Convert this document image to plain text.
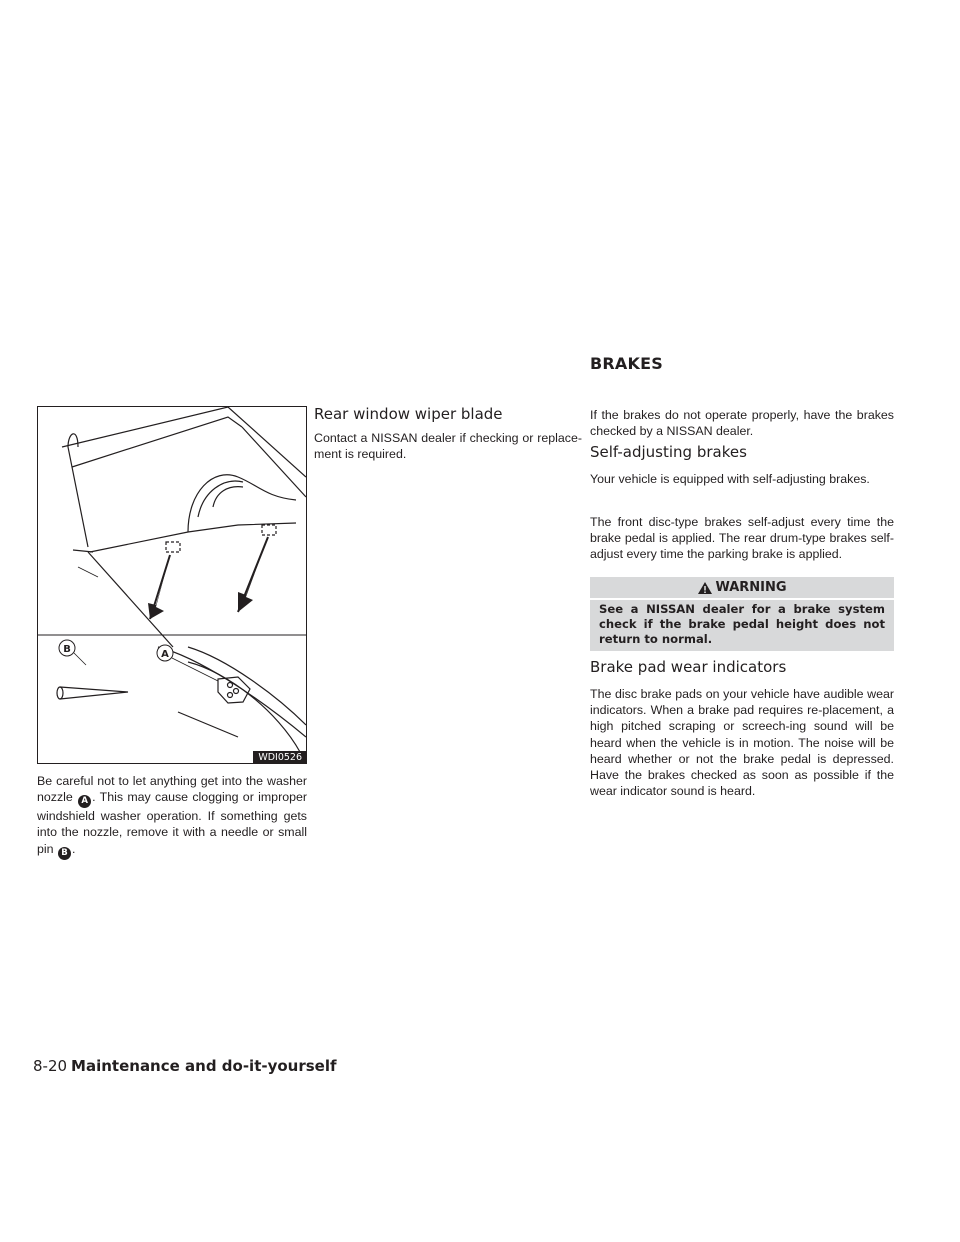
BRAKES
B	A
WDI0526

Be careful not to let anything get into the washer nozzle A . This may cause clogging or improper windshield washer operation. If something gets into the nozzle, remove it with a needle or small pin B .

Rear window wiper blade

Contact a NISSAN dealer if checking or replace-ment is required.

If the brakes do not operate properly, have the brakes checked by a NISSAN dealer.

Self-adjusting brakes

Your vehicle is equipped with self-adjusting brakes.

The front disc-type brakes self-adjust every time the brake pedal is applied. The rear drum-type brakes self-adjust every time the parking brake is applied.

WARNING
See a NISSAN dealer for a brake system check if the brake pedal height does not return to normal.
Brake pad wear indicators

The disc brake pads on your vehicle have audible wear indicators. When a brake pad requires re-placement, a high pitched scraping or screech-ing sound will be heard when the vehicle is in motion. The noise will be heard whether or not the brake pedal is depressed. Have the brakes checked as soon as possible if the wear indicator sound is heard.

8-20 Maintenance and do-it-yourself
